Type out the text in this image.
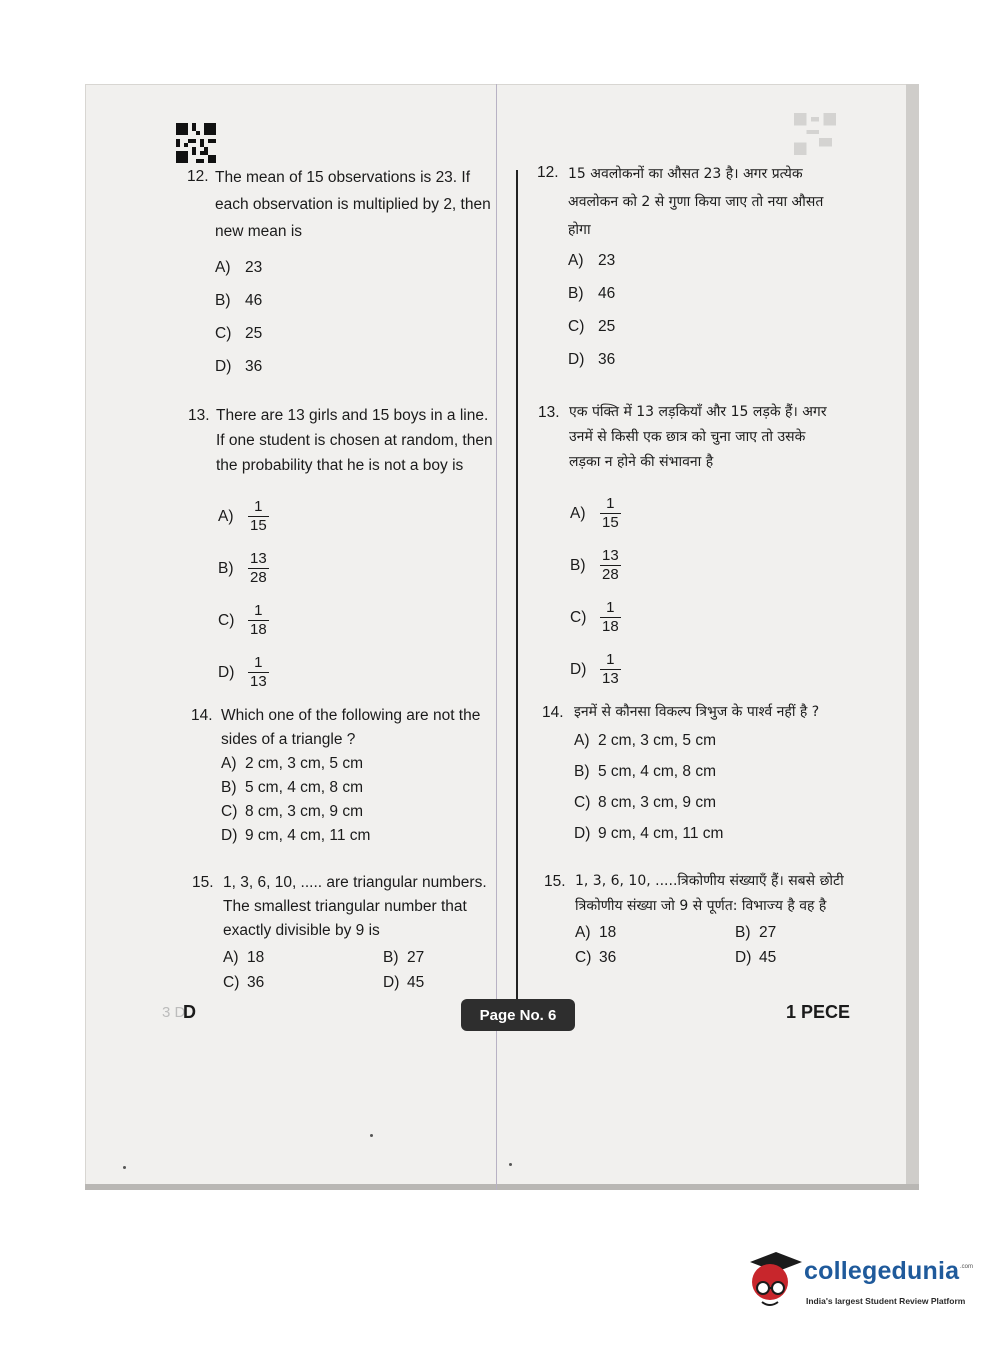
12. The mean of 15 observations is 23. If each observation is multiplied by 2, then new mean is
A) 23
B) 46
C) 25
D) 36
13. There are 13 girls and 15 boys in a line. If one student is chosen at random, then the probability that he is not a boy is
$A) \frac{1}{15}$
$B) \frac{13}{28}$
$C) \frac{1}{18}$
$D) \frac{1}{13}$
14. Which one of the following are not the sides of a triangle ?
A) 2 cm, 3 cm, 5 cm
B) 5 cm, 4 cm, 8 cm
C) 8 cm, 3 cm, 9 cm
D) 9 cm, 4 cm, 11 cm
15. 1, 3, 6, 10, ..... are triangular numbers. The smallest triangular number that exactly divisible by 9 is
A) 18	B) 27
C) 36	D) 45
12. 15 अवलोकनों का औसत 23 है। अगर प्रत्येक अवलोकन को 2 से गुणा किया जाए तो नया औसत होगा
A) 23
B) 46
C) 25
D) 36
13. एक पंक्ति में 13 लड़कियाँ और 15 लड़के हैं। अगर उनमें से किसी एक छात्र को चुना जाए तो उसके लड़का न होने की संभावना है
$A) \frac{1}{15}$
$B) \frac{13}{28}$
$C) \frac{1}{18}$
$D) \frac{1}{13}$
14. इनमें से कौनसा विकल्प त्रिभुज के पार्श्व नहीं है ?
A) 2 cm, 3 cm, 5 cm
B) 5 cm, 4 cm, 8 cm
C) 8 cm, 3 cm, 9 cm
D) 9 cm, 4 cm, 11 cm
15. 1, 3, 6, 10, .....त्रिकोणीय संख्याएँ हैं। सबसे छोटी त्रिकोणीय संख्या जो 9 से पूर्णत: विभाज्य है वह है
A) 18	B) 27
C) 36	D) 45
3 D
D	Page No. 6	1 PECE
collegedunia .com
India's largest Student Review Platform
